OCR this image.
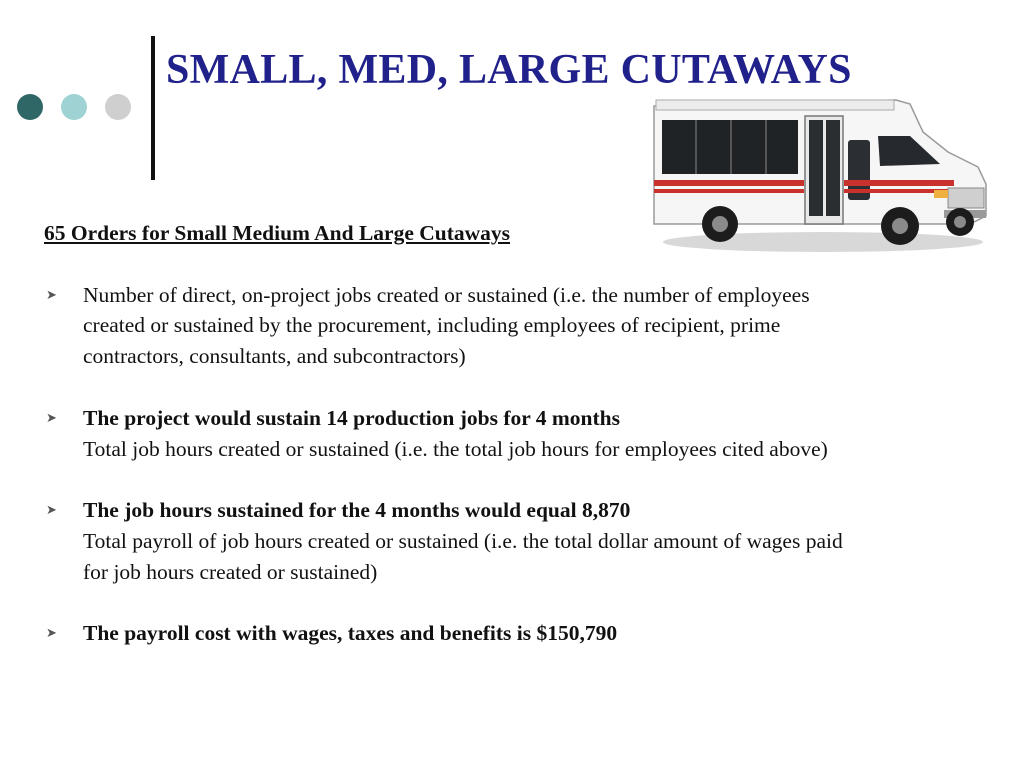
SMALL, MED, LARGE CUTAWAYS

65 Orders for Small Medium And Large Cutaways

➤ Number of direct, on-project jobs created or sustained (i.e. the number of employees created or sustained by the procurement, including employees of recipient, prime contractors, consultants, and subcontractors)
➤ The project would sustain 14 production jobs for 4 months
Total job hours created or sustained (i.e. the total job hours for employees cited above)
➤ The job hours sustained for the 4 months would equal 8,870
Total payroll of job hours created or sustained (i.e. the total dollar amount of wages paid for job hours created or sustained)
➤ The payroll cost with wages, taxes and benefits is $150,790
